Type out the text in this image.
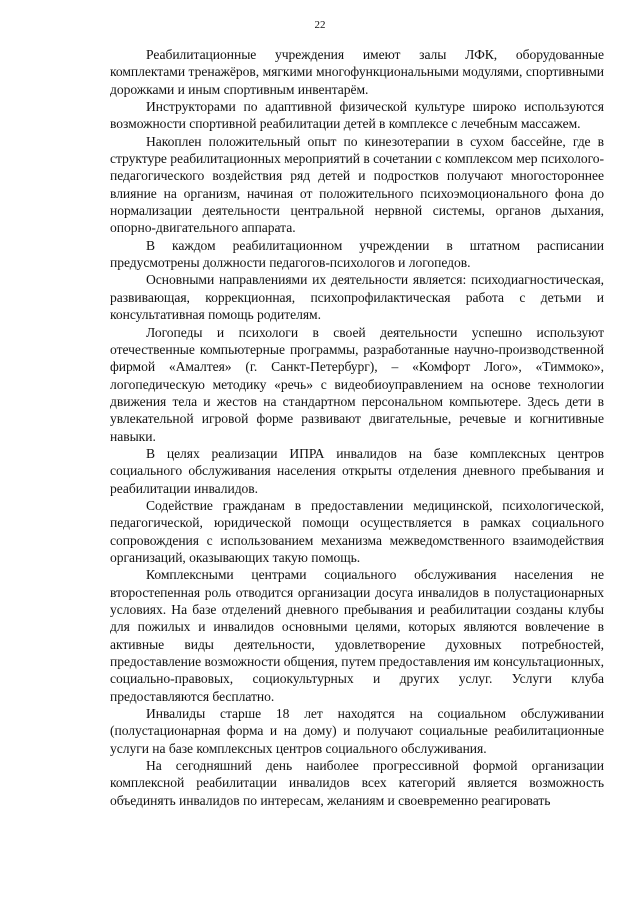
22

Реабилитационные учреждения имеют залы ЛФК, оборудованные комплектами тренажёров, мягкими многофункциональными модулями, спортивными дорожками и иным спортивным инвентарём.

Инструкторами по адаптивной физической культуре широко используются возможности спортивной реабилитации детей в комплексе с лечебным массажем.

Накоплен положительный опыт по кинезотерапии в сухом бассейне, где в структуре реабилитационных мероприятий в сочетании с комплексом мер психолого-педагогического воздействия ряд детей и подростков получают многостороннее влияние на организм, начиная от положительного психоэмоционального фона до нормализации деятельности центральной нервной системы, органов дыхания, опорно-двигательного аппарата.

В каждом реабилитационном учреждении в штатном расписании предусмотрены должности педагогов-психологов и логопедов.

Основными направлениями их деятельности является: психодиагностическая, развивающая, коррекционная, психопрофилактическая работа с детьми и консультативная помощь родителям.

Логопеды и психологи в своей деятельности успешно используют отечественные компьютерные программы, разработанные научно-производственной фирмой «Амалтея» (г. Санкт-Петербург), – «Комфорт Лого», «Тиммоко», логопедическую методику «речь» с видеобиоуправлением на основе технологии движения тела и жестов на стандартном персональном компьютере. Здесь дети в увлекательной игровой форме развивают двигательные, речевые и когнитивные навыки.

В целях реализации ИПРА инвалидов на базе комплексных центров социального обслуживания населения открыты отделения дневного пребывания и реабилитации инвалидов.

Содействие гражданам в предоставлении медицинской, психологической, педагогической, юридической помощи осуществляется в рамках социального сопровождения с использованием механизма межведомственного взаимодействия организаций, оказывающих такую помощь.

Комплексными центрами социального обслуживания населения не второстепенная роль отводится организации досуга инвалидов в полустационарных условиях. На базе отделений дневного пребывания и реабилитации созданы клубы для пожилых и инвалидов основными целями, которых являются вовлечение в активные виды деятельности, удовлетворение духовных потребностей, предоставление возможности общения, путем предоставления им консультационных, социально-правовых, социокультурных и других услуг. Услуги клуба предоставляются бесплатно.

Инвалиды старше 18 лет находятся на социальном обслуживании (полустационарная форма и на дому) и получают социальные реабилитационные услуги на базе комплексных центров социального обслуживания.

На сегодняшний день наиболее прогрессивной формой организации комплексной реабилитации инвалидов всех категорий является возможность объединять инвалидов по интересам, желаниям и своевременно реагировать
